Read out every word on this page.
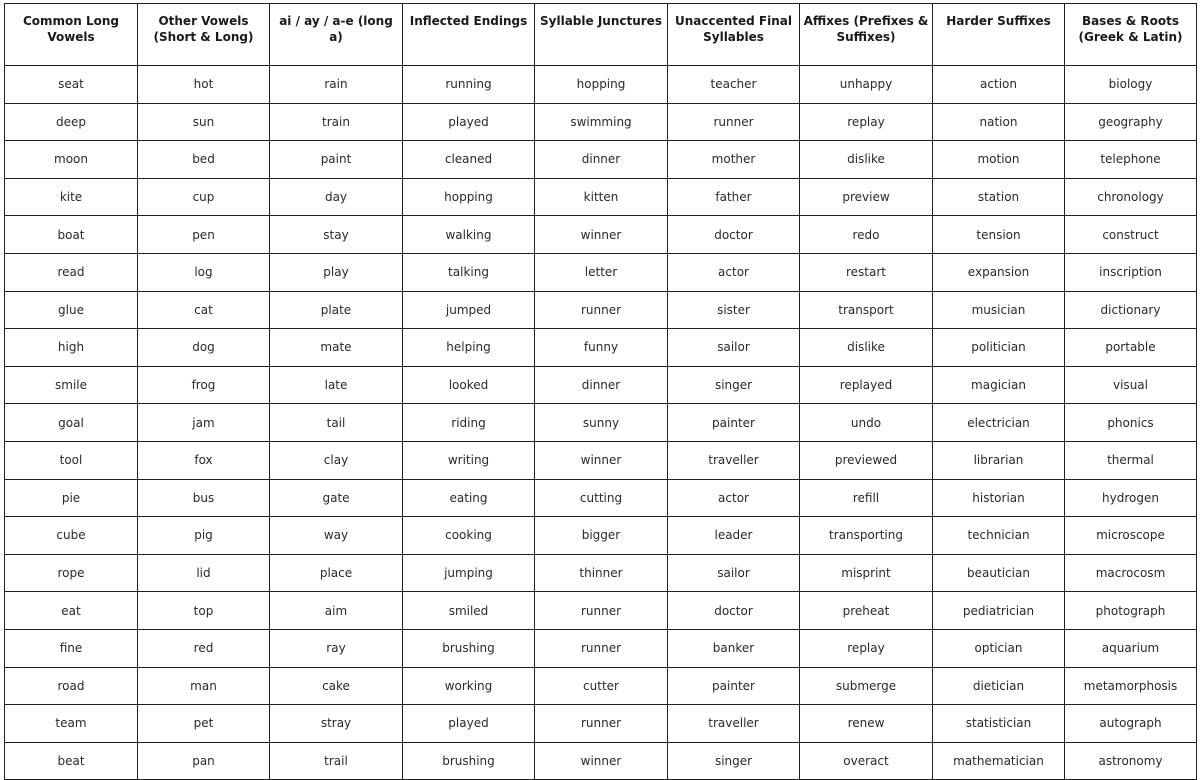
Common Long Vowels	Other Vowels (Short & Long)	ai / ay / a-e (long a)	Inflected Endings	Syllable Junctures	Unaccented Final Syllables	Affixes (Prefixes & Suffixes)	Harder Suffixes	Bases & Roots (Greek & Latin)
seat	hot	rain	running	hopping	teacher	unhappy	action	biology
deep	sun	train	played	swimming	runner	replay	nation	geography
moon	bed	paint	cleaned	dinner	mother	dislike	motion	telephone
kite	cup	day	hopping	kitten	father	preview	station	chronology
boat	pen	stay	walking	winner	doctor	redo	tension	construct
read	log	play	talking	letter	actor	restart	expansion	inscription
glue	cat	plate	jumped	runner	sister	transport	musician	dictionary
high	dog	mate	helping	funny	sailor	dislike	politician	portable
smile	frog	late	looked	dinner	singer	replayed	magician	visual
goal	jam	tail	riding	sunny	painter	undo	electrician	phonics
tool	fox	clay	writing	winner	traveller	previewed	librarian	thermal
pie	bus	gate	eating	cutting	actor	refill	historian	hydrogen
cube	pig	way	cooking	bigger	leader	transporting	technician	microscope
rope	lid	place	jumping	thinner	sailor	misprint	beautician	macrocosm
eat	top	aim	smiled	runner	doctor	preheat	pediatrician	photograph
fine	red	ray	brushing	runner	banker	replay	optician	aquarium
road	man	cake	working	cutter	painter	submerge	dietician	metamorphosis
team	pet	stray	played	runner	traveller	renew	statistician	autograph
beat	pan	trail	brushing	winner	singer	overact	mathematician	astronomy
